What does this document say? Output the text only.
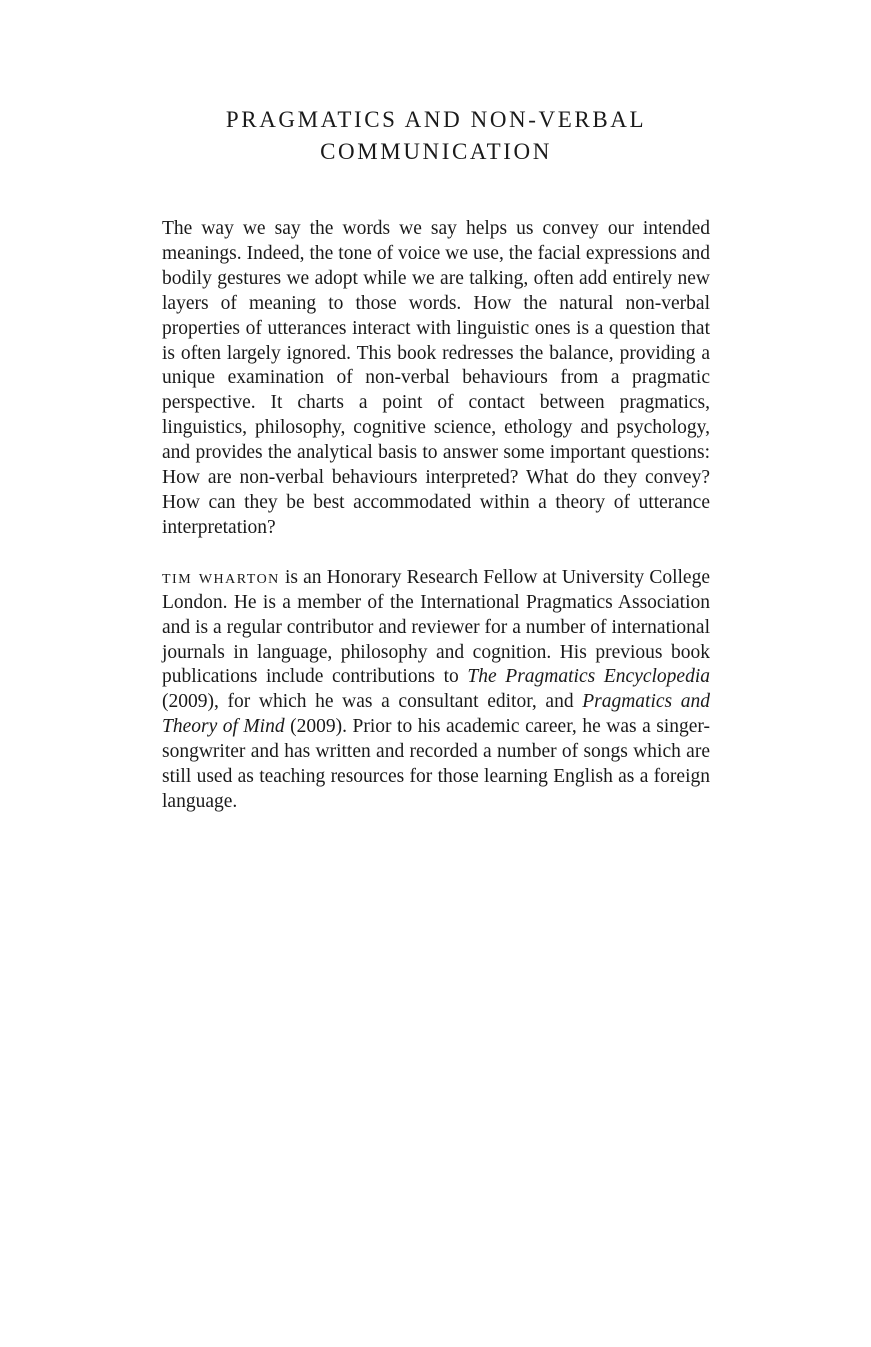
PRAGMATICS AND NON-VERBAL
COMMUNICATION

The way we say the words we say helps us convey our intended meanings. Indeed, the tone of voice we use, the facial expressions and bodily gestures we adopt while we are talking, often add entirely new layers of meaning to those words. How the natural non-verbal properties of utterances interact with linguistic ones is a question that is often largely ignored. This book redresses the balance, providing a unique examination of non-verbal behaviours from a pragmatic perspective. It charts a point of contact between pragmatics, linguistics, philosophy, cognitive science, ethology and psychology, and provides the analytical basis to answer some important questions: How are non-verbal behaviours interpreted? What do they convey? How can they be best accommodated within a theory of utterance interpretation?

tim wharton is an Honorary Research Fellow at University College London. He is a member of the International Pragmatics Association and is a regular contributor and reviewer for a number of international journals in language, philosophy and cognition. His previous book publications include contributions to The Pragmatics Encyclopedia (2009), for which he was a consultant editor, and Pragmatics and Theory of Mind (2009). Prior to his academic career, he was a singer-songwriter and has written and recorded a number of songs which are still used as teaching resources for those learning English as a foreign language.
